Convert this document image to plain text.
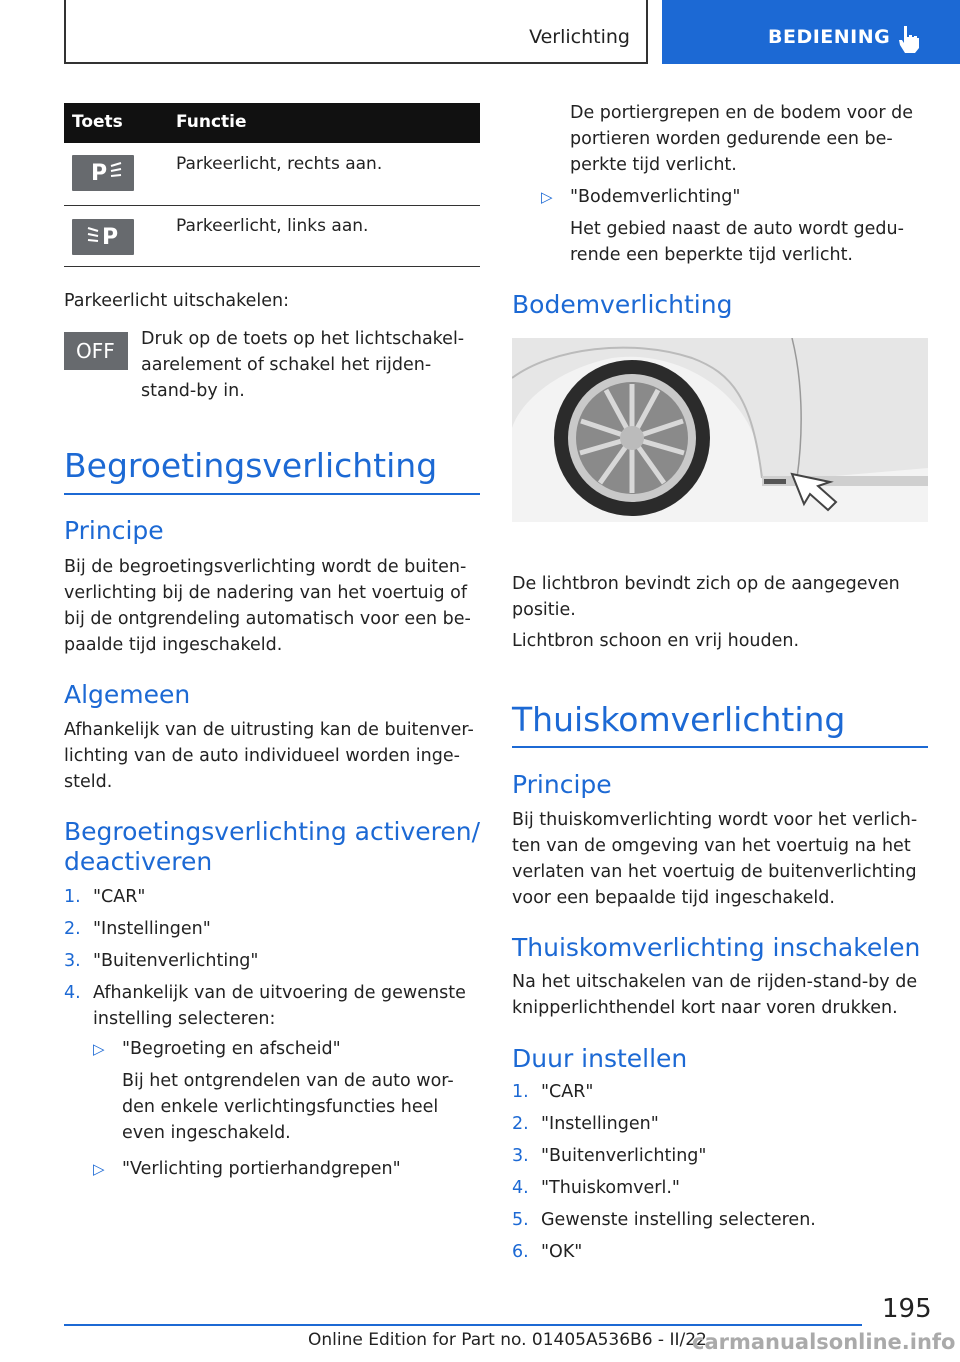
Verlichting	BEDIENING
Toets	Functie
P	Parkeerlicht, rechts aan.
P	Parkeerlicht, links aan.
Parkeerlicht uitschakelen:
OFF Druk op de toets op het lichtschakel-
aarelement of schakel het rijden-
stand-by in.
Begroetingsverlichting
Principe
Bij de begroetingsverlichting wordt de buiten-
verlichting bij de nadering van het voertuig of
bij de ontgrendeling automatisch voor een be-
paalde tijd ingeschakeld.
Algemeen
Afhankelijk van de uitrusting kan de buitenver-
lichting van de auto individueel worden inge-
steld.
Begroetingsverlichting activeren/
deactiveren
1. "CAR"
2. "Instellingen"
3. "Buitenverlichting"
4. Afhankelijk van de uitvoering de gewenste
instelling selecteren:
▷ "Begroeting en afscheid"
Bij het ontgrendelen van de auto wor-
den enkele verlichtingsfuncties heel
even ingeschakeld.
▷ "Verlichting portierhandgrepen"
De portiergrepen en de bodem voor de
portieren worden gedurende een be-
perkte tijd verlicht.
▷ "Bodemverlichting"
Het gebied naast de auto wordt gedu-
rende een beperkte tijd verlicht.
Bodemverlichting
De lichtbron bevindt zich op de aangegeven
positie.
Lichtbron schoon en vrij houden.
Thuiskomverlichting
Principe
Bij thuiskomverlichting wordt voor het verlich-
ten van de omgeving van het voertuig na het
verlaten van het voertuig de buitenverlichting
voor een bepaalde tijd ingeschakeld.
Thuiskomverlichting inschakelen
Na het uitschakelen van de rijden-stand-by de
knipperlichthendel kort naar voren drukken.
Duur instellen
1. "CAR"
2. "Instellingen"
3. "Buitenverlichting"
4. "Thuiskomverl."
5. Gewenste instelling selecteren.
6. "OK"
195
Online Edition for Part no. 01405A536B6 - II/22
carmanualsonline.info
